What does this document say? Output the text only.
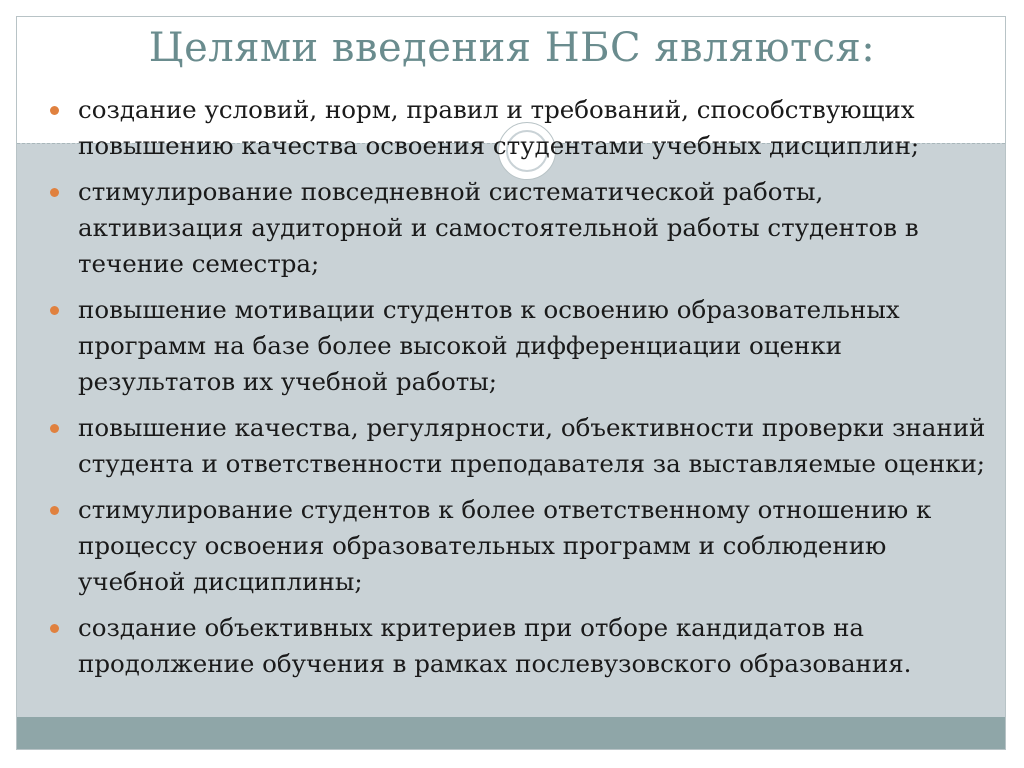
Целями введения НБС являются:
создание условий, норм, правил и требований, способствующих повышению качества освоения студентами учебных дисциплин;
стимулирование повседневной систематической работы, активизация аудиторной и самостоятельной работы студентов в течение семестра;
повышение мотивации студентов к освоению образовательных программ на базе более высокой дифференциации оценки результатов их учебной работы;
повышение качества, регулярности, объективности проверки знаний студента и ответственности преподавателя за выставляемые оценки;
стимулирование студентов к более ответственному отношению к процессу освоения образовательных программ и соблюдению учебной дисциплины;
создание объективных критериев при отборе кандидатов на продолжение обучения в рамках послевузовского образования.
